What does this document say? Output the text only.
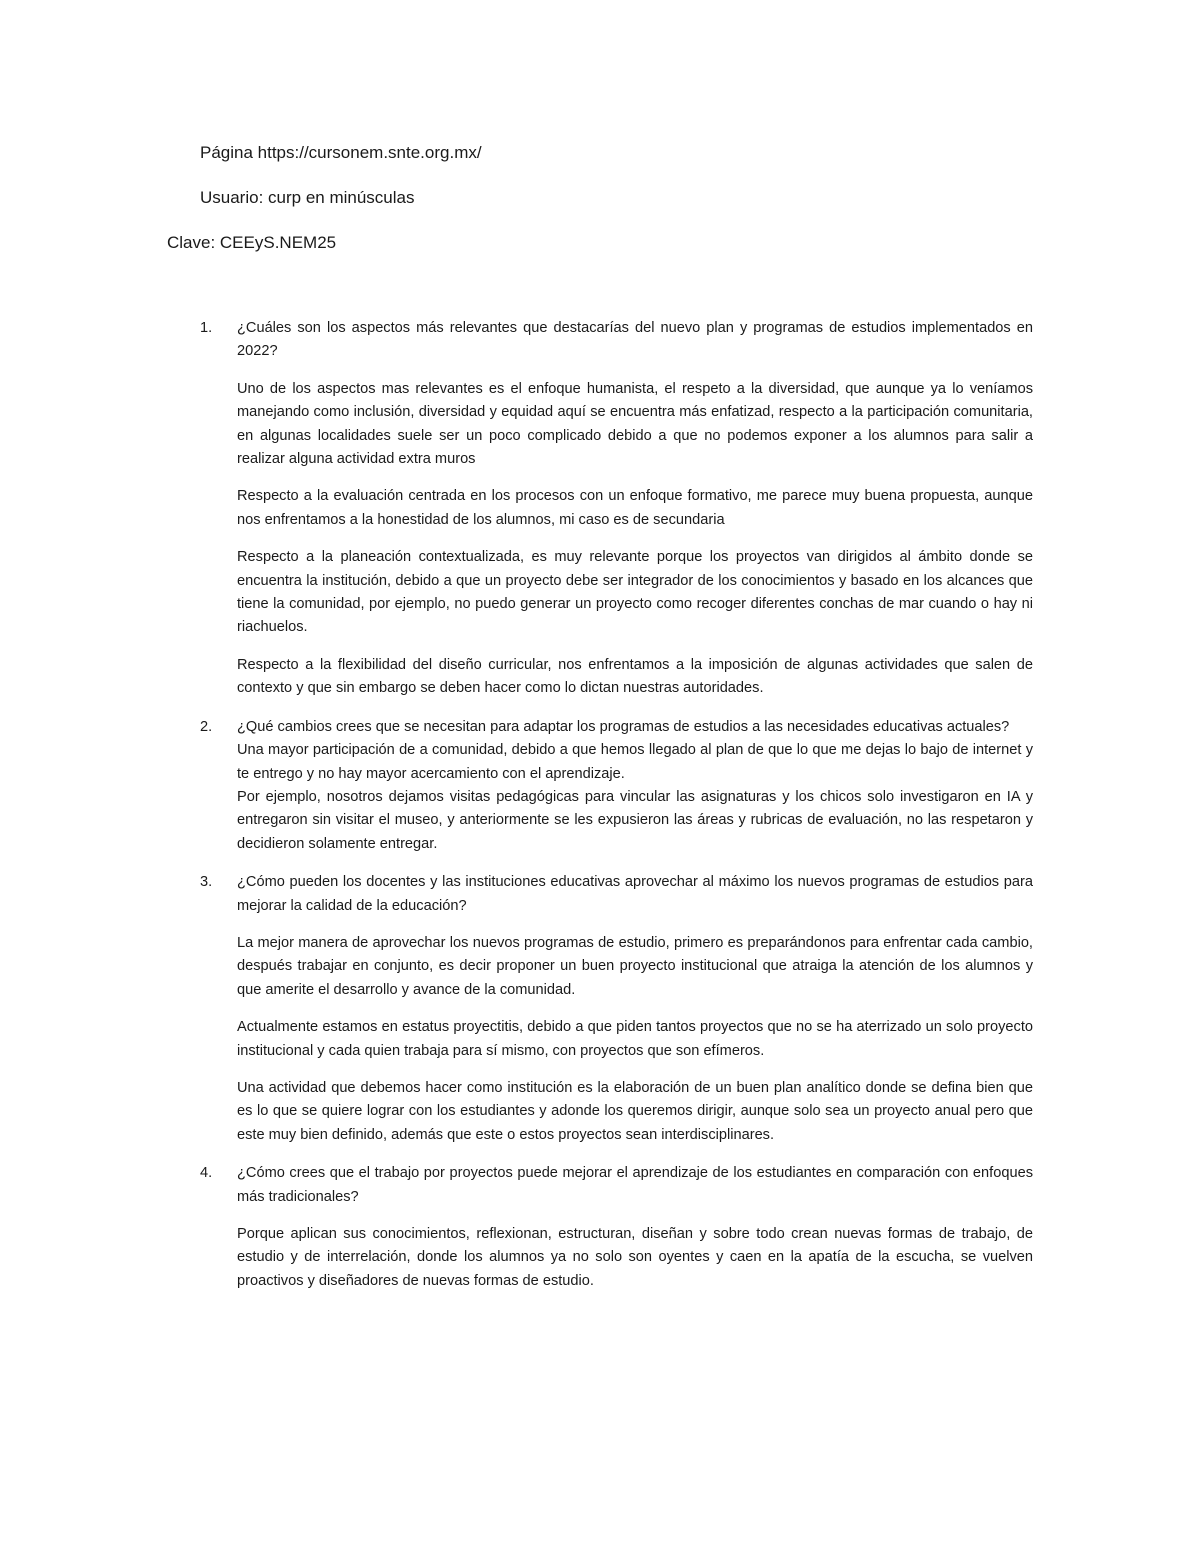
Página https://cursonem.snte.org.mx/
Usuario: curp en minúsculas
Clave: CEEyS.NEM25
1. ¿Cuáles son los aspectos más relevantes que destacarías del nuevo plan y programas de estudios implementados en 2022?

Uno de los aspectos mas relevantes es el enfoque humanista, el respeto a la diversidad, que aunque ya lo veníamos manejando como inclusión, diversidad y equidad aquí se encuentra más enfatizad, respecto a la participación comunitaria, en algunas localidades suele ser un poco complicado debido a que no podemos exponer a los alumnos para salir a realizar alguna actividad extra muros

Respecto a la evaluación centrada en los procesos con un enfoque formativo, me parece muy buena propuesta, aunque nos enfrentamos a la honestidad de los alumnos, mi caso es de secundaria

Respecto a la planeación contextualizada, es muy relevante porque los proyectos van dirigidos al ámbito donde se encuentra la institución, debido a que un proyecto debe ser integrador de los conocimientos y basado en los alcances que tiene la comunidad, por ejemplo, no puedo generar un proyecto como recoger diferentes conchas de mar cuando o hay ni riachuelos.

Respecto a la flexibilidad del diseño curricular, nos enfrentamos a la imposición de algunas actividades que salen de contexto y que sin embargo se deben hacer como lo dictan nuestras autoridades.

2. ¿Qué cambios crees que se necesitan para adaptar los programas de estudios a las necesidades educativas actuales?

Una mayor participación de a comunidad, debido a que hemos llegado al plan de que lo que me dejas lo bajo de internet y te entrego y no hay mayor acercamiento con el aprendizaje.

Por ejemplo, nosotros dejamos visitas pedagógicas para vincular las asignaturas y los chicos solo investigaron en IA y entregaron sin visitar el museo, y anteriormente se les expusieron las áreas y rubricas de evaluación, no las respetaron y decidieron solamente entregar.

3. ¿Cómo pueden los docentes y las instituciones educativas aprovechar al máximo los nuevos programas de estudios para mejorar la calidad de la educación?

La mejor manera de aprovechar los nuevos programas de estudio, primero es preparándonos para enfrentar cada cambio, después trabajar en conjunto, es decir proponer un buen proyecto institucional que atraiga la atención de los alumnos y que amerite el desarrollo y avance de la comunidad.

Actualmente estamos en estatus proyectitis, debido a que piden tantos proyectos que no se ha aterrizado un solo proyecto institucional y cada quien trabaja para sí mismo, con proyectos que son efímeros.

Una actividad que debemos hacer como institución es la elaboración de un buen plan analítico donde se defina bien que es lo que se quiere lograr con los estudiantes y adonde los queremos dirigir, aunque solo sea un proyecto anual pero que este muy bien definido, además que este o estos proyectos sean interdisciplinares.

4. ¿Cómo crees que el trabajo por proyectos puede mejorar el aprendizaje de los estudiantes en comparación con enfoques más tradicionales?

Porque aplican sus conocimientos, reflexionan, estructuran, diseñan y sobre todo crean nuevas formas de trabajo, de estudio y de interrelación, donde los alumnos ya no solo son oyentes y caen en la apatía de la escucha, se vuelven proactivos y diseñadores de nuevas formas de estudio.
